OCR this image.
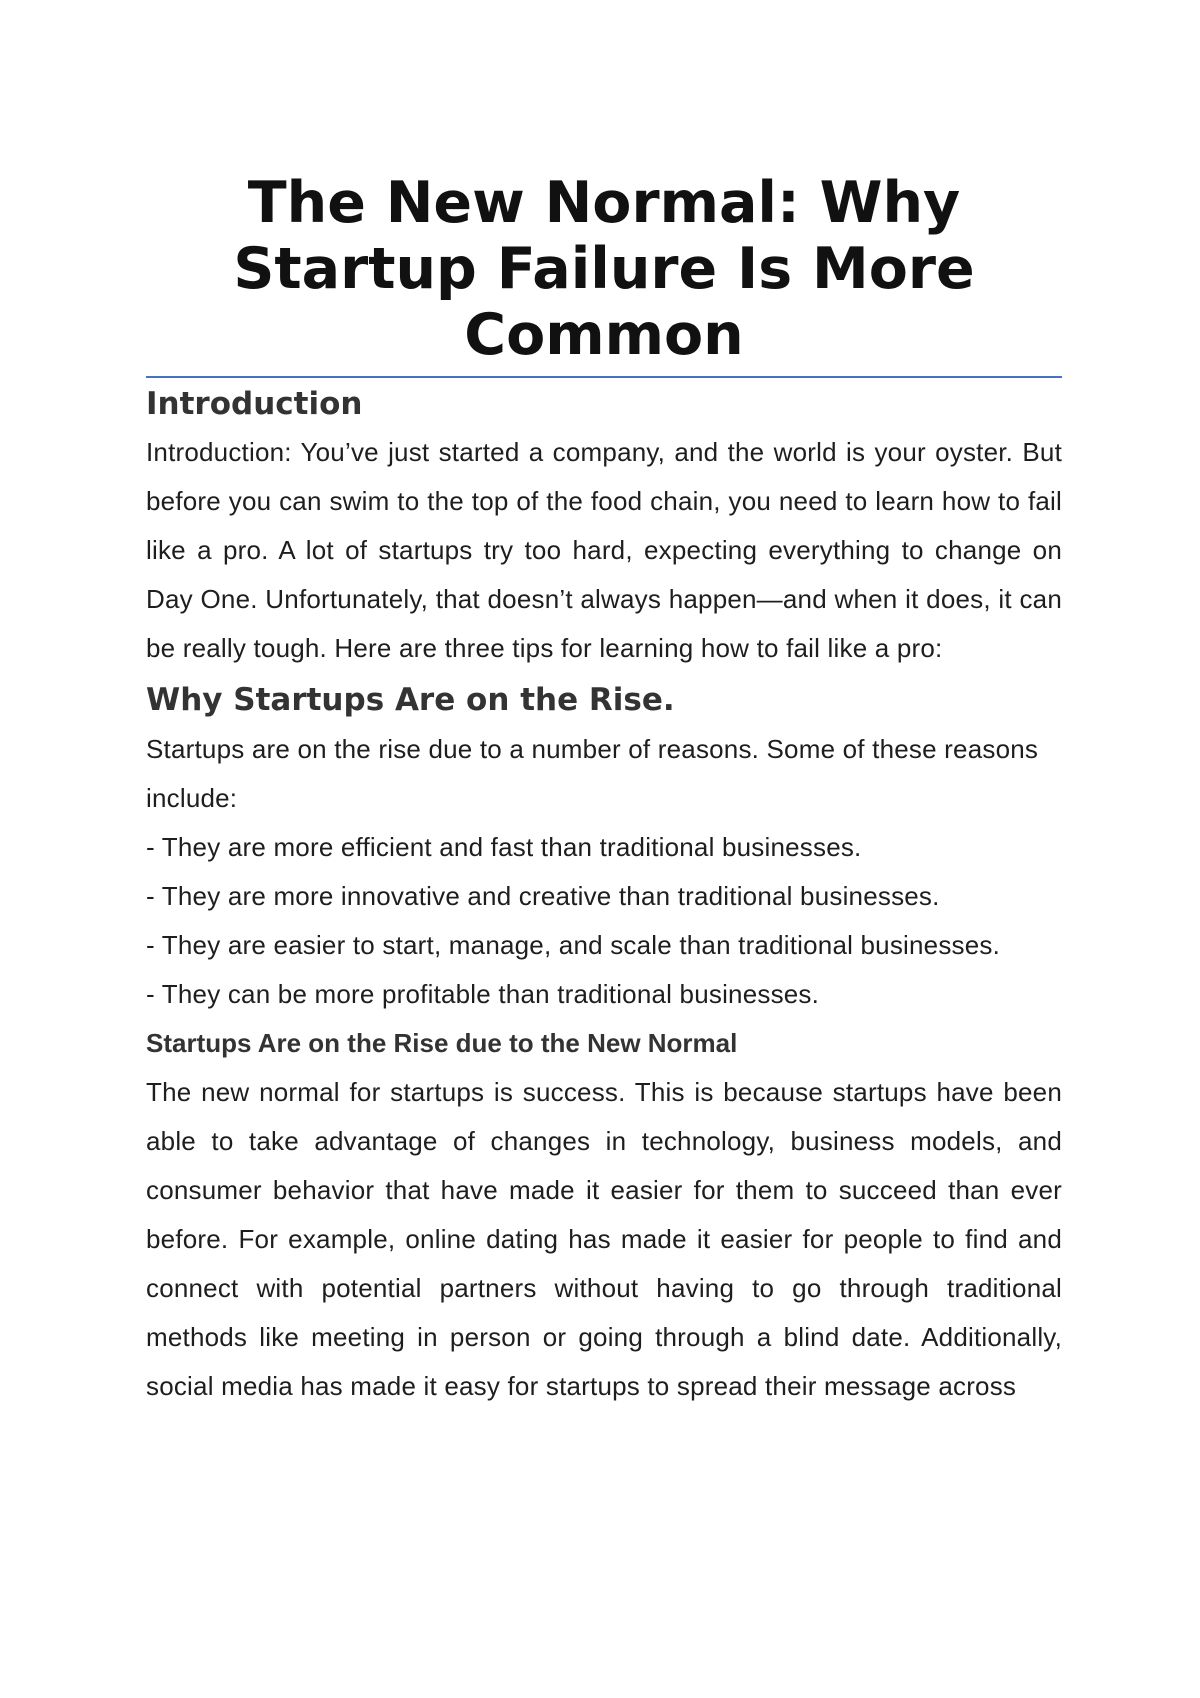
The New Normal: Why Startup Failure Is More Common
Introduction

Introduction: You’ve just started a company, and the world is your oyster. But before you can swim to the top of the food chain, you need to learn how to fail like a pro. A lot of startups try too hard, expecting everything to change on Day One. Unfortunately, that doesn’t always happen—and when it does, it can be really tough. Here are three tips for learning how to fail like a pro:

Why Startups Are on the Rise.

Startups are on the rise due to a number of reasons. Some of these reasons include:

- They are more efficient and fast than traditional businesses.

- They are more innovative and creative than traditional businesses.

- They are easier to start, manage, and scale than traditional businesses.

- They can be more profitable than traditional businesses.

Startups Are on the Rise due to the New Normal

The new normal for startups is success. This is because startups have been able to take advantage of changes in technology, business models, and consumer behavior that have made it easier for them to succeed than ever before. For example, online dating has made it easier for people to find and connect with potential partners without having to go through traditional methods like meeting in person or going through a blind date. Additionally, social media has made it easy for startups to spread their message across
